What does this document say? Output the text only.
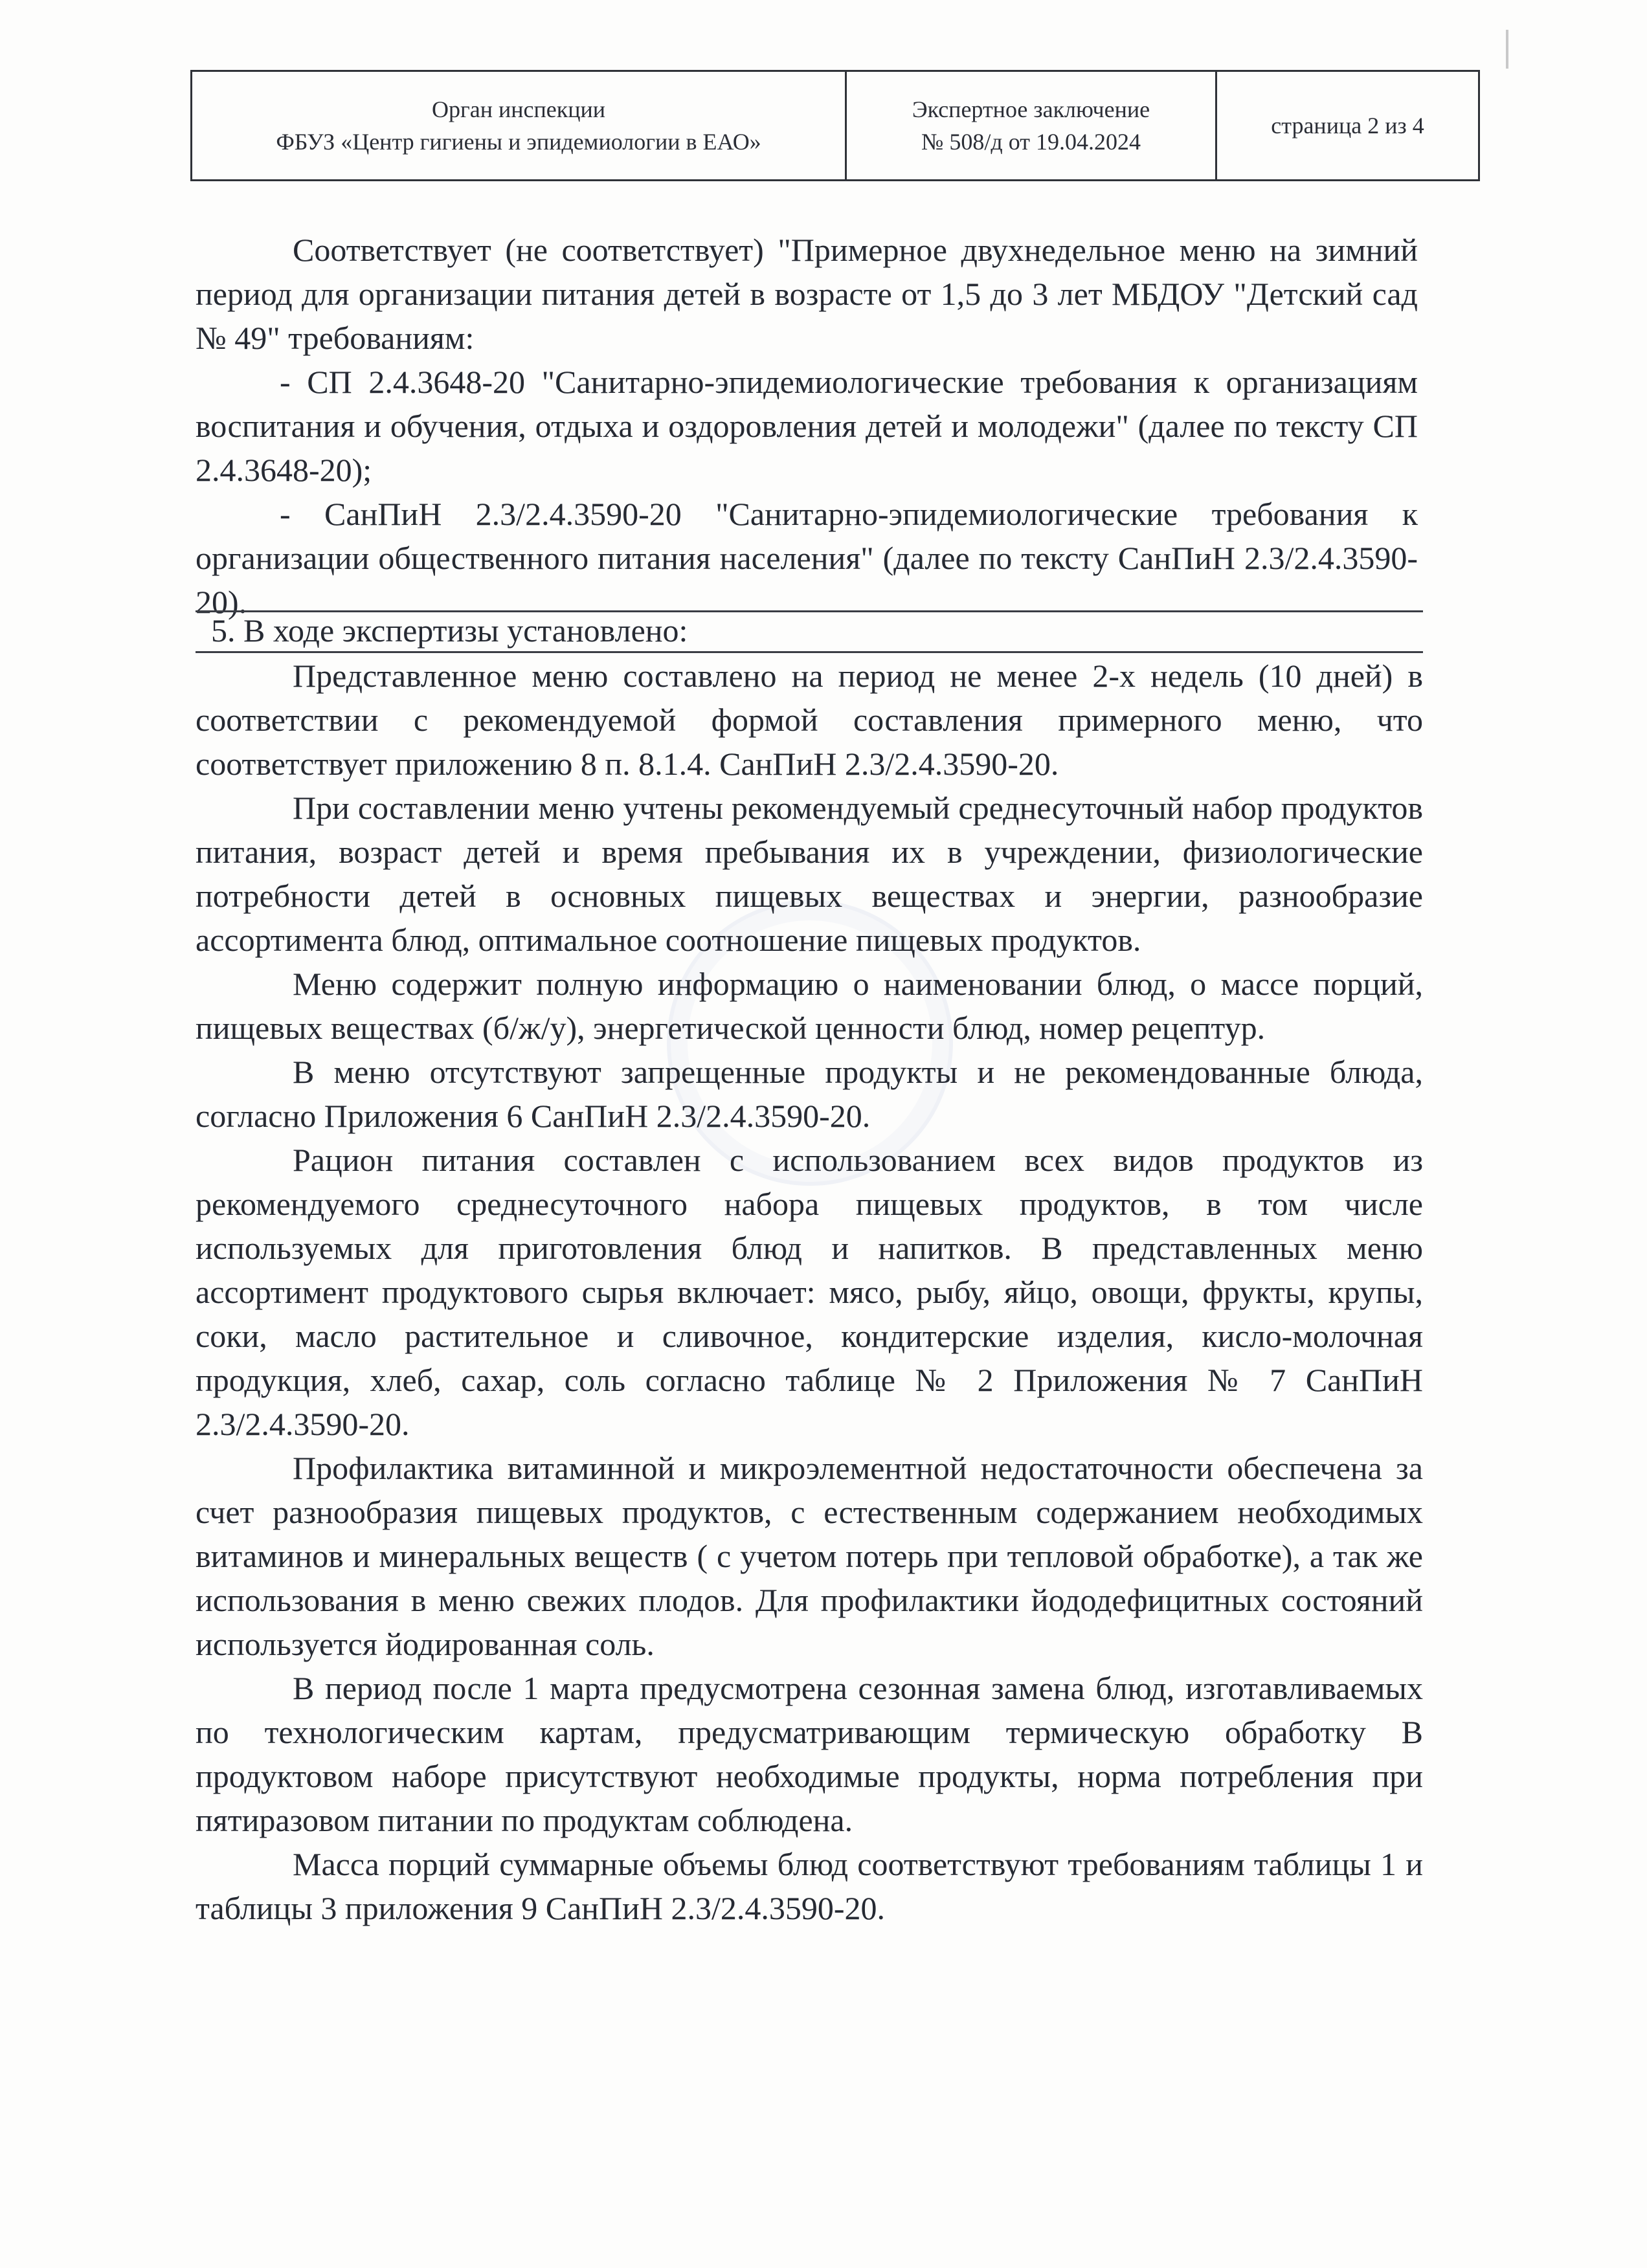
Орган инспекции
ФБУЗ «Центр гигиены и эпидемиологии в ЕАО»
Экспертное заключение
№ 508/д от 19.04.2024
страница 2 из 4

Соответствует (не соответствует) "Примерное двухнедельное меню на зимний период для организации питания детей в возрасте от 1,5 до 3 лет МБДОУ "Детский сад № 49" требованиям:

- СП 2.4.3648-20 "Санитарно-эпидемиологические требования к организациям воспитания и обучения, отдыха и оздоровления детей и молодежи" (далее по тексту СП 2.4.3648-20);

- СанПиН 2.3/2.4.3590-20 "Санитарно-эпидемиологические требования к организации общественного питания населения" (далее по тексту СанПиН 2.3/2.4.3590-20).

5. В ходе экспертизы установлено:

Представленное меню составлено на период не менее 2-х недель (10 дней) в соответствии с рекомендуемой формой составления примерного меню, что соответствует приложению 8 п. 8.1.4. СанПиН 2.3/2.4.3590-20.

При составлении меню учтены рекомендуемый среднесуточный набор продуктов питания, возраст детей и время пребывания их в учреждении, физиологические потребности детей в основных пищевых веществах и энергии, разнообразие ассортимента блюд, оптимальное соотношение пищевых продуктов.

Меню содержит полную информацию о наименовании блюд, о массе порций, пищевых веществах (б/ж/у), энергетической ценности блюд, номер рецептур.

В меню отсутствуют запрещенные продукты и не рекомендованные блюда, согласно Приложения 6 СанПиН 2.3/2.4.3590-20.

Рацион питания составлен с использованием всех видов продуктов из рекомендуемого среднесуточного набора пищевых продуктов, в том числе используемых для приготовления блюд и напитков. В представленных меню ассортимент продуктового сырья включает: мясо, рыбу, яйцо, овощи, фрукты, крупы, соки, масло растительное и сливочное, кондитерские изделия, кисло-молочная продукция, хлеб, сахар, соль согласно таблице № 2 Приложения № 7 СанПиН 2.3/2.4.3590-20.

Профилактика витаминной и микроэлементной недостаточности обеспечена за счет разнообразия пищевых продуктов, с естественным содержанием необходимых витаминов и минеральных веществ ( с учетом потерь при тепловой обработке), а так же использования в меню свежих плодов. Для профилактики йододефицитных состояний используется йодированная соль.

В период после 1 марта предусмотрена сезонная замена блюд, изготавливаемых по технологическим картам, предусматривающим термическую обработку В продуктовом наборе присутствуют необходимые продукты, норма потребления при пятиразовом питании по продуктам соблюдена.

Масса порций суммарные объемы блюд соответствуют требованиям таблицы 1 и таблицы 3 приложения 9 СанПиН 2.3/2.4.3590-20.
